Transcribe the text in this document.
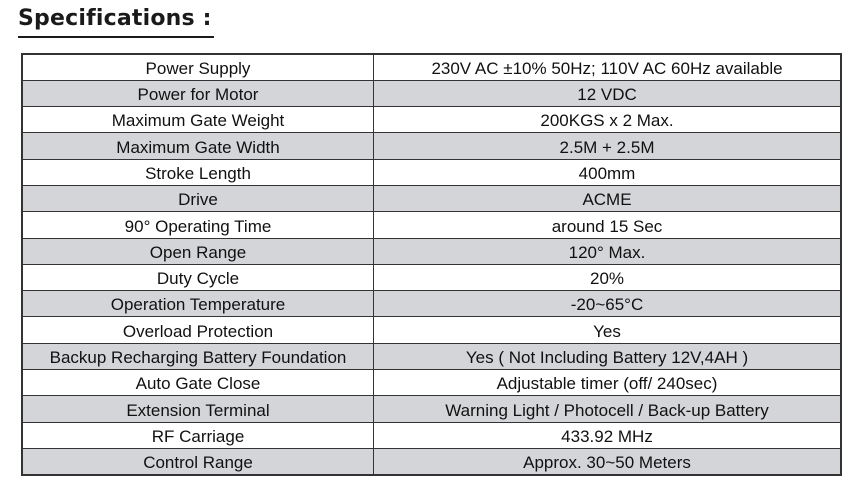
Specifications :
Power Supply	230V AC ±10% 50Hz; 110V AC 60Hz available
Power for Motor	12 VDC
Maximum Gate Weight	200KGS x 2 Max.
Maximum Gate Width	2.5M + 2.5M
Stroke Length	400mm
Drive	ACME
90° Operating Time	around 15 Sec
Open Range	120° Max.
Duty Cycle	20%
Operation Temperature	-20~65°C
Overload Protection	Yes
Backup Recharging Battery Foundation	Yes ( Not Including Battery 12V,4AH )
Auto Gate Close	Adjustable timer (off/ 240sec)
Extension Terminal	Warning Light / Photocell / Back-up Battery
RF Carriage	433.92 MHz
Control Range	Approx. 30~50 Meters
